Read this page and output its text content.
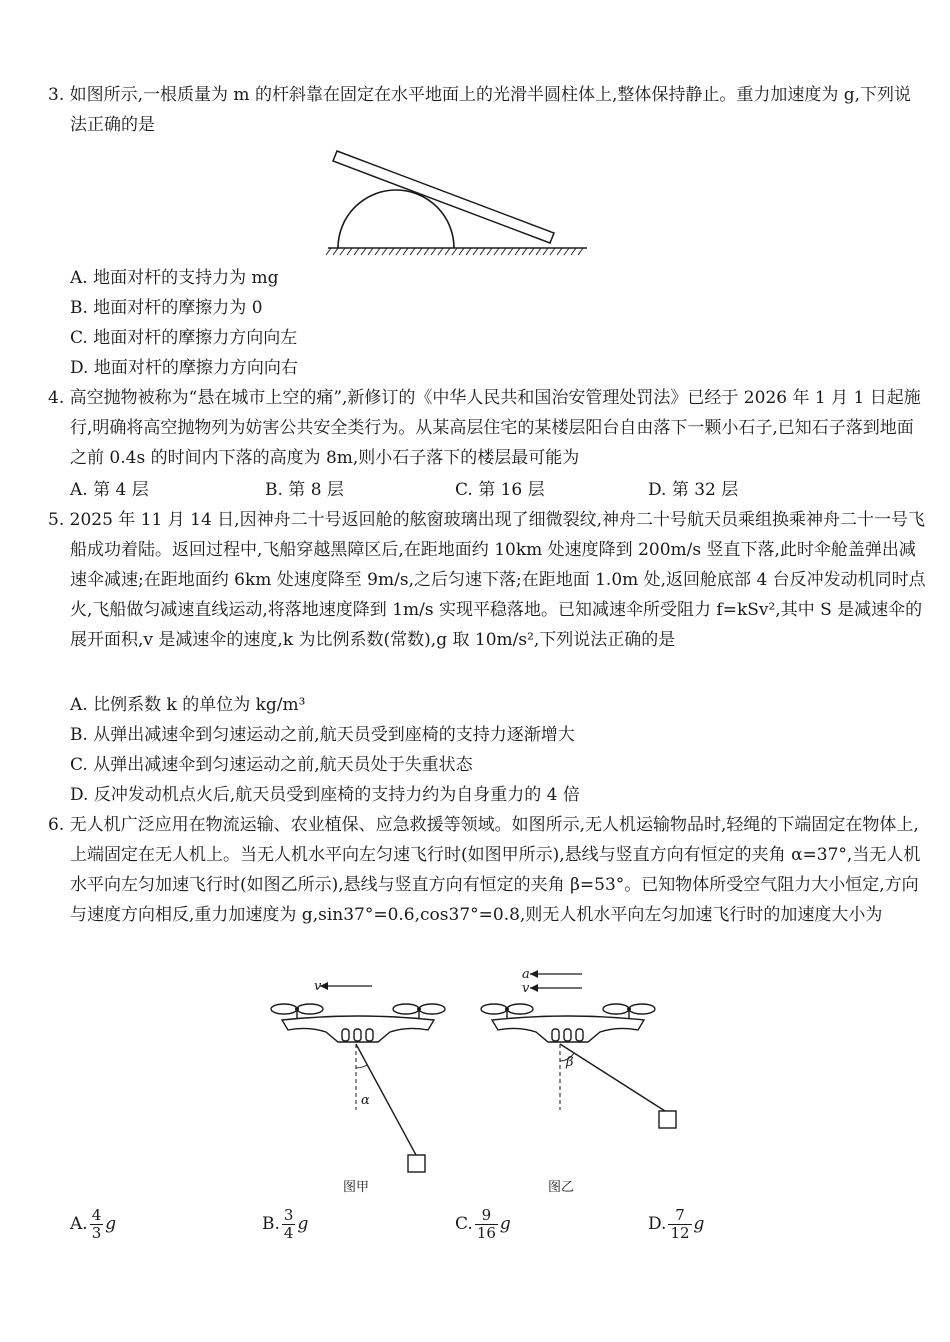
3. 如图所示,一根质量为 m 的杆斜靠在固定在水平地面上的光滑半圆柱体上,整体保持静止。重力加速度为 g,下列说法正确的是
A. 地面对杆的支持力为 mg
B. 地面对杆的摩擦力为 0
C. 地面对杆的摩擦力方向向左
D. 地面对杆的摩擦力方向向右
4. 高空抛物被称为“悬在城市上空的痛”,新修订的《中华人民共和国治安管理处罚法》已经于 2026 年 1 月 1 日起施行,明确将高空抛物列为妨害公共安全类行为。从某高层住宅的某楼层阳台自由落下一颗小石子,已知石子落到地面之前 0.4s 的时间内下落的高度为 8m,则小石子落下的楼层最可能为
A. 第 4 层	B. 第 8 层	C. 第 16 层	D. 第 32 层
5. 2025 年 11 月 14 日,因神舟二十号返回舱的舷窗玻璃出现了细微裂纹,神舟二十号航天员乘组换乘神舟二十一号飞船成功着陆。返回过程中,飞船穿越黑障区后,在距地面约 10km 处速度降到 200m/s 竖直下落,此时伞舱盖弹出减速伞减速;在距地面约 6km 处速度降至 9m/s,之后匀速下落;在距地面 1.0m 处,返回舱底部 4 台反冲发动机同时点火,飞船做匀减速直线运动,将落地速度降到 1m/s 实现平稳落地。已知减速伞所受阻力 f=kSv²,其中 S 是减速伞的展开面积,v 是减速伞的速度,k 为比例系数(常数),g 取 10m/s²,下列说法正确的是
A. 比例系数 k 的单位为 kg/m³
B. 从弹出减速伞到匀速运动之前,航天员受到座椅的支持力逐渐增大
C. 从弹出减速伞到匀速运动之前,航天员处于失重状态
D. 反冲发动机点火后,航天员受到座椅的支持力约为自身重力的 4 倍
6. 无人机广泛应用在物流运输、农业植保、应急救援等领域。如图所示,无人机运输物品时,轻绳的下端固定在物体上,上端固定在无人机上。当无人机水平向左匀速飞行时(如图甲所示),悬线与竖直方向有恒定的夹角 α=37°,当无人机水平向左匀加速飞行时(如图乙所示),悬线与竖直方向有恒定的夹角 β=53°。已知物体所受空气阻力大小恒定,方向与速度方向相反,重力加速度为 g,sin37°=0.6,cos37°=0.8,则无人机水平向左匀加速飞行时的加速度大小为
v
α
图甲
a
v
β
图乙
A. $\frac{4}{3}$ g	B. $\frac{3}{4}$ g	C. $\frac{9}{16}$ g	D. $\frac{7}{12}$ g
